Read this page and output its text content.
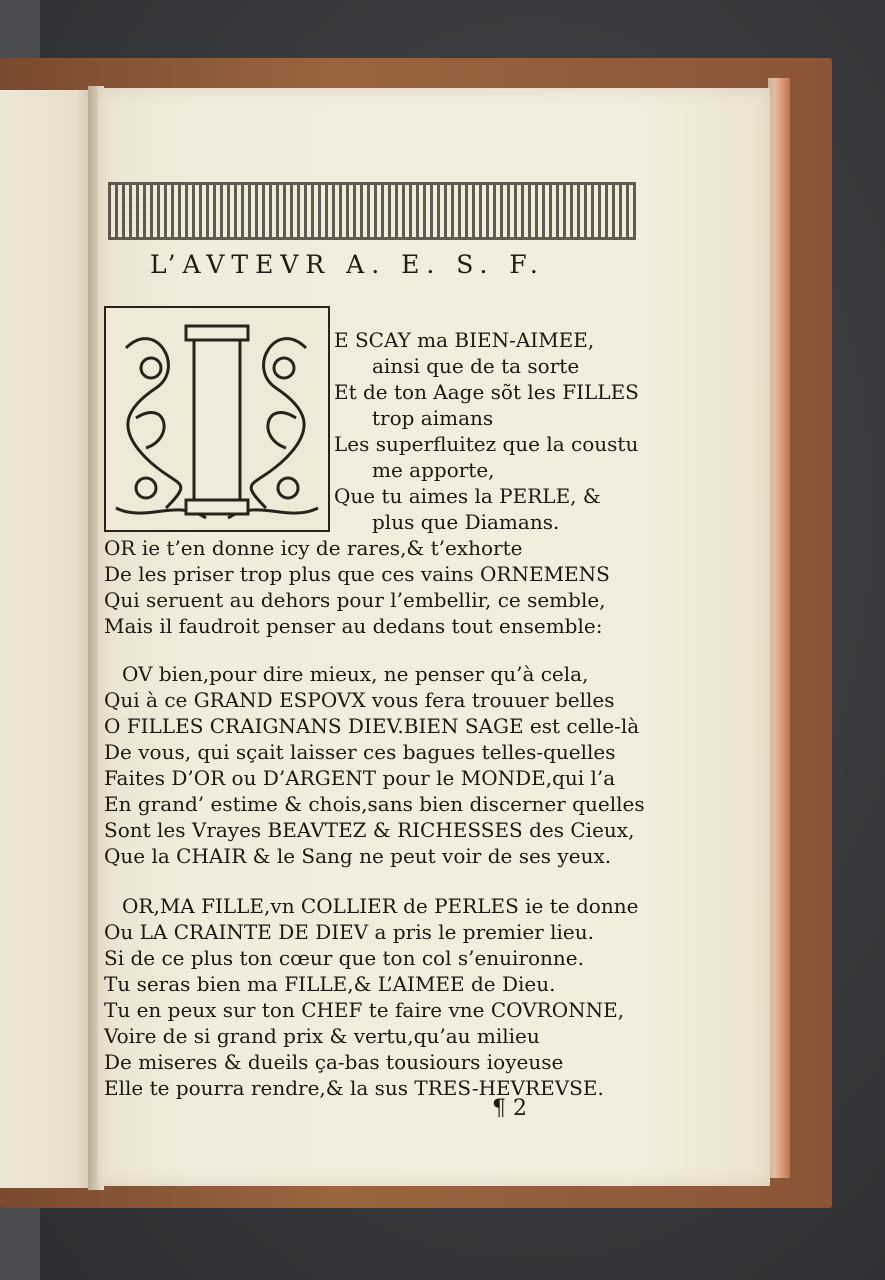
L’AVTEVR A. E. S. F.
E SCAY ma BIEN-AIMEE,
ainsi que de ta sorte
Et de ton Aage sõt les FILLES
trop aimans
Les superfluitez que la coustu
me apporte,
Que tu aimes la PERLE, &
plus que Diamans.
OR ie t’en donne icy de rares,& t’exhorte
De les priser trop plus que ces vains ORNEMENS
Qui seruent au dehors pour l’embellir, ce semble,
Mais il faudroit penser au dedans tout ensemble:
OV bien,pour dire mieux, ne penser qu’à cela,
Qui à ce GRAND ESPOVX vous fera trouuer belles
O FILLES CRAIGNANS DIEV.BIEN SAGE est celle-là
De vous, qui sçait laisser ces bagues telles-quelles
Faites D’OR ou D’ARGENT pour le MONDE,qui l’a
En grand’ estime & chois,sans bien discerner quelles
Sont les Vrayes BEAVTEZ & RICHESSES des Cieux,
Que la CHAIR & le Sang ne peut voir de ses yeux.
OR,MA FILLE,vn COLLIER de PERLES ie te donne
Ou LA CRAINTE DE DIEV a pris le premier lieu.
Si de ce plus ton cœur que ton col s’enuironne.
Tu seras bien ma FILLE,& L’AIMEE de Dieu.
Tu en peux sur ton CHEF te faire vne COVRONNE,
Voire de si grand prix & vertu,qu’au milieu
De miseres & dueils ça-bas tousiours ioyeuse
Elle te pourra rendre,& la sus TRES-HEVREVSE.
¶ 2
